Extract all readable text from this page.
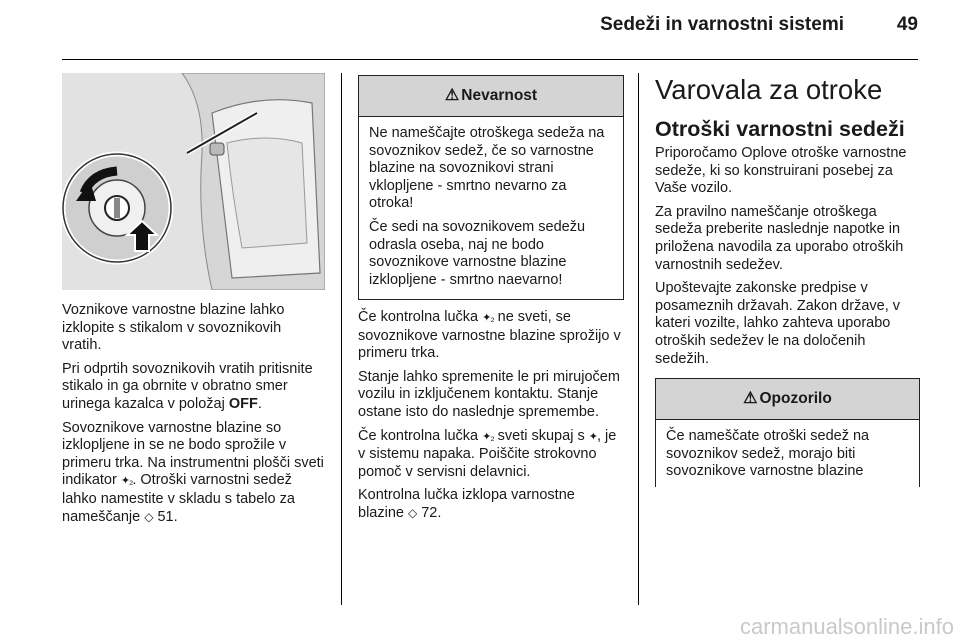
Sedeži in varnostni sistemi	49

Voznikove varnostne blazine lahko izklopite s stikalom v sovoznikovih vratih.

Pri odprtih sovoznikovih vratih pritisnite stikalo in ga obrnite v obratno smer urinega kazalca v položaj OFF.

Sovoznikove varnostne blazine so izklopljene in se ne bodo sprožile v primeru trka. Na instrumentni plošči sveti indikator ✦₂. Otroški varnostni sedež lahko namestite v skladu s tabelo za nameščanje ◇ 51.

⚠ Nevarnost

Ne nameščajte otroškega sedeža na sovoznikov sedež, če so varnostne blazine na sovoznikovi strani vklopljene - smrtno nevarno za otroka!

Če sedi na sovoznikovem sedežu odrasla oseba, naj ne bodo sovoznikove varnostne blazine izklopljene - smrtno naevarno!

Če kontrolna lučka ✦₂ ne sveti, se sovoznikove varnostne blazine sprožijo v primeru trka.

Stanje lahko spremenite le pri mirujočem vozilu in izključenem kontaktu. Stanje ostane isto do naslednje spremembe.

Če kontrolna lučka ✦₂ sveti skupaj s ✦, je v sistemu napaka. Poiščite strokovno pomoč v servisni delavnici.

Kontrolna lučka izklopa varnostne blazine ◇ 72.

Varovala za otroke
Otroški varnostni sedeži

Priporočamo Oplove otroške varnostne sedeže, ki so konstruirani posebej za Vaše vozilo.

Za pravilno nameščanje otroškega sedeža preberite naslednje napotke in priložena navodila za uporabo otroških varnostnih sedežev.

Upoštevajte zakonske predpise v posameznih državah. Zakon države, v kateri vozilte, lahko zahteva uporabo otroških sedežev le na določenih sedežih.

⚠ Opozorilo

Če nameščate otroški sedež na sovoznikov sedež, morajo biti sovoznikove varnostne blazine

carmanualsonline.info
